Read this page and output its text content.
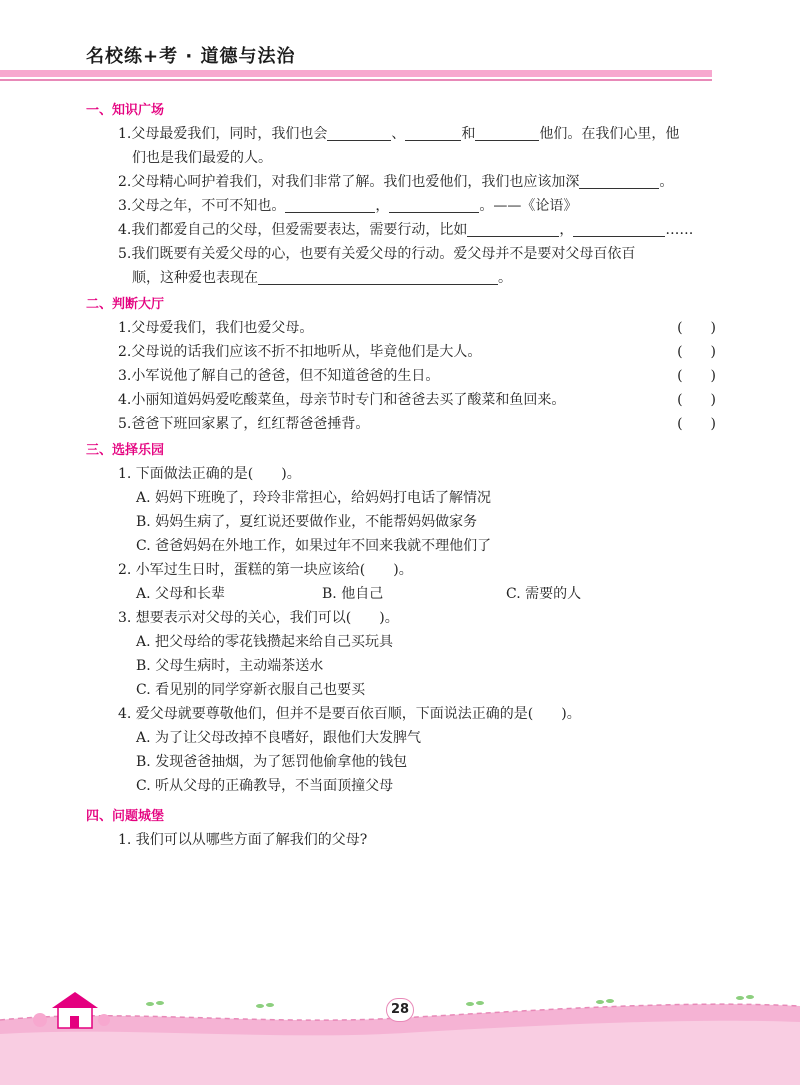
名校练+考 · 道德与法治
一、知识广场
1.父母最爱我们，同时，我们也会	、	和	他们。在我们心里，他
们也是我们最爱的人。
2.父母精心呵护着我们，对我们非常了解。我们也爱他们，我们也应该加深	。
3.父母之年，不可不知也。	，	。——《论语》
4.我们都爱自己的父母，但爱需要表达，需要行动，比如	，	……
5.我们既要有关爱父母的心，也要有关爱父母的行动。爱父母并不是要对父母百依百
顺，这种爱也表现在	。
二、判断大厅
1.父母爱我们，我们也爱父母。	(　　)
2.父母说的话我们应该不折不扣地听从，毕竟他们是大人。	(　　)
3.小军说他了解自己的爸爸，但不知道爸爸的生日。	(　　)
4.小丽知道妈妈爱吃酸菜鱼，母亲节时专门和爸爸去买了酸菜和鱼回来。	(　　)
5.爸爸下班回家累了，红红帮爸爸捶背。	(　　)
三、选择乐园
1. 下面做法正确的是(　　)。
A. 妈妈下班晚了，玲玲非常担心，给妈妈打电话了解情况
B. 妈妈生病了，夏红说还要做作业，不能帮妈妈做家务
C. 爸爸妈妈在外地工作，如果过年不回来我就不理他们了
2. 小军过生日时，蛋糕的第一块应该给(　　)。
A. 父母和长辈	B. 他自己	C. 需要的人
3. 想要表示对父母的关心，我们可以(　　)。
A. 把父母给的零花钱攒起来给自己买玩具
B. 父母生病时，主动端茶送水
C. 看见别的同学穿新衣服自己也要买
4. 爱父母就要尊敬他们，但并不是要百依百顺，下面说法正确的是(　　)。
A. 为了让父母改掉不良嗜好，跟他们大发脾气
B. 发现爸爸抽烟，为了惩罚他偷拿他的钱包
C. 听从父母的正确教导，不当面顶撞父母
四、问题城堡
1. 我们可以从哪些方面了解我们的父母?
28
